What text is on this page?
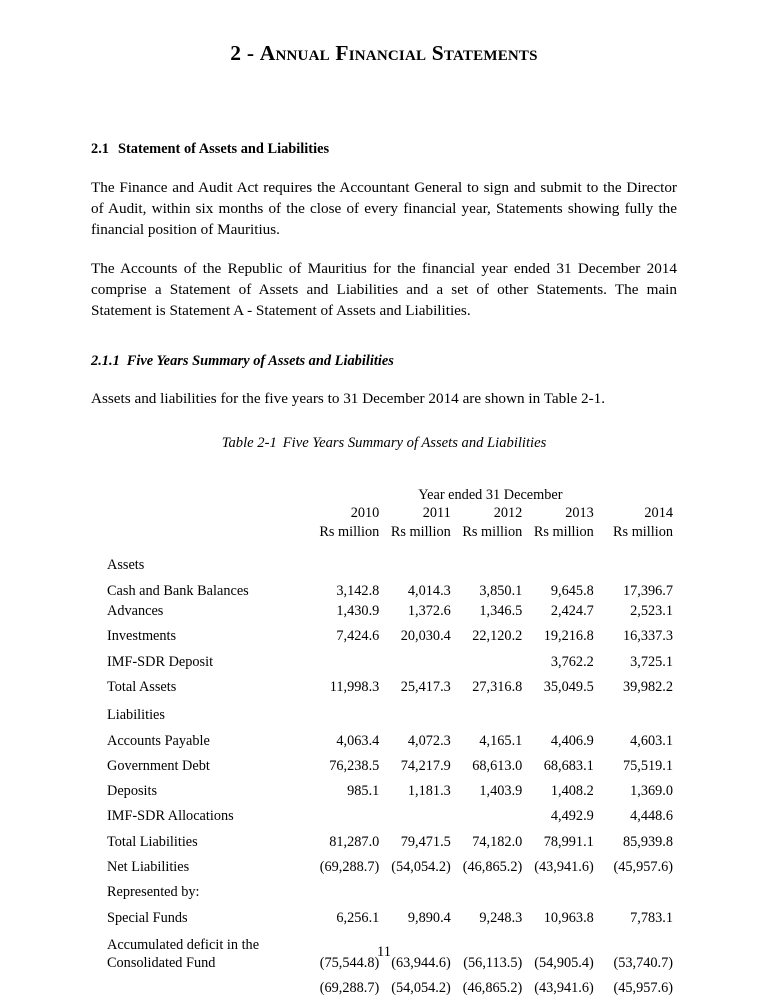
2 - Annual Financial Statements
2.1 Statement of Assets and Liabilities

The Finance and Audit Act requires the Accountant General to sign and submit to the Director of Audit, within six months of the close of every financial year, Statements showing fully the financial position of Mauritius.

The Accounts of the Republic of Mauritius for the financial year ended 31 December 2014 comprise a Statement of Assets and Liabilities and a set of other Statements. The main Statement is Statement A - Statement of Assets and Liabilities.

2.1.1 Five Years Summary of Assets and Liabilities

Assets and liabilities for the five years to 31 December 2014 are shown in Table 2-1.

Table 2-1 Five Years Summary of Assets and Liabilities

	Year ended 31 December				
	2010	2011	2012	2013	2014
	Rs million	Rs million	Rs million	Rs million	Rs million

Assets					

Cash and Bank Balances	3,142.8	4,014.3	3,850.1	9,645.8	17,396.7
Advances	1,430.9	1,372.6	1,346.5	2,424.7	2,523.1

Investments	7,424.6	20,030.4	22,120.2	19,216.8	16,337.3

IMF-SDR Deposit				3,762.2	3,725.1

Total Assets	11,998.3	25,417.3	27,316.8	35,049.5	39,982.2

Liabilities					

Accounts Payable	4,063.4	4,072.3	4,165.1	4,406.9	4,603.1

Government Debt	76,238.5	74,217.9	68,613.0	68,683.1	75,519.1

Deposits	985.1	1,181.3	1,403.9	1,408.2	1,369.0

IMF-SDR Allocations				4,492.9	4,448.6

Total Liabilities	81,287.0	79,471.5	74,182.0	78,991.1	85,939.8

Net Liabilities	(69,288.7)	(54,054.2)	(46,865.2)	(43,941.6)	(45,957.6)

Represented by:					

Special Funds	6,256.1	9,890.4	9,248.3	10,963.8	7,783.1

Accumulated deficit in the
Consolidated Fund	(75,544.8)	(63,944.6)	(56,113.5)	(54,905.4)	(53,740.7)

	(69,288.7)	(54,054.2)	(46,865.2)	(43,941.6)	(45,957.6)
11
